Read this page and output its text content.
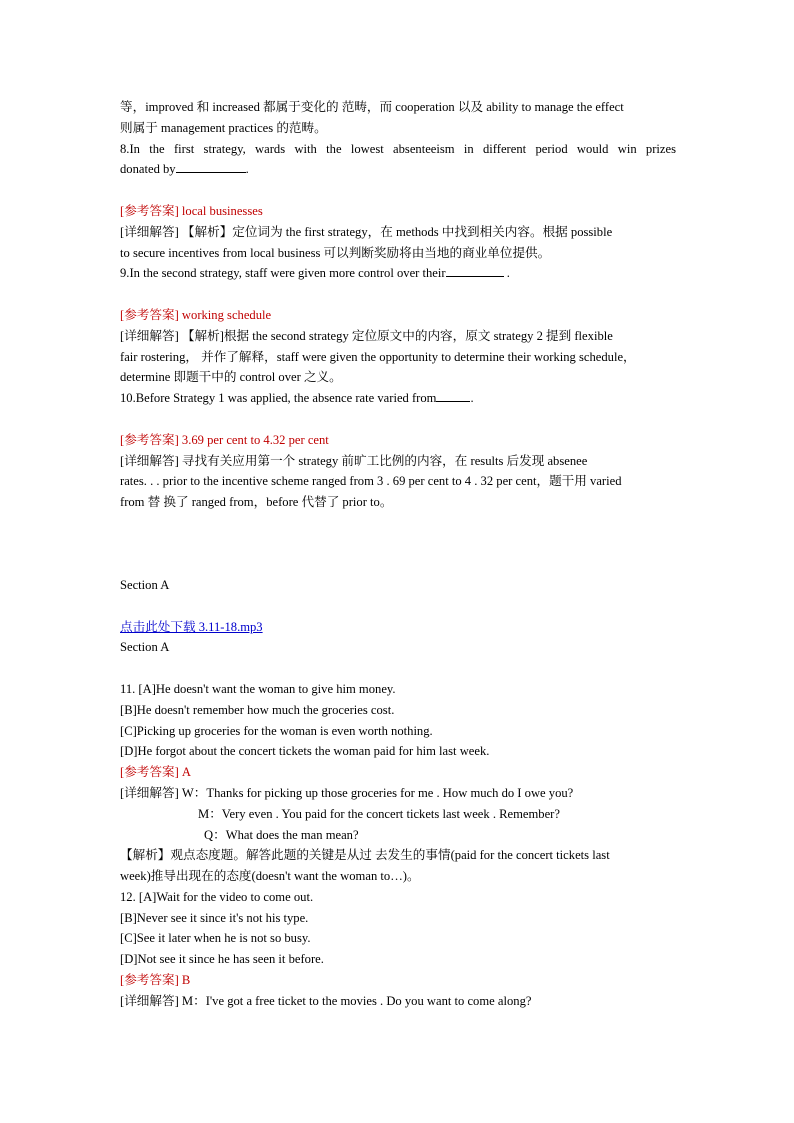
等，improved 和 increased 都属于变化的 范畴，而 cooperation 以及 ability to manage the effect
则属于 management practices 的范畴。
8.In the first strategy, wards with the lowest absenteeism in different period would win prizes
donated by	.
[参考答案] local businesses
[详细解答] 【解析】定位词为 the first strategy，在 methods 中找到相关内容。根据 possible
to secure incentives from local business 可以判断奖励将由当地的商业单位提供。
9.In the second strategy, staff were given more control over their	.
[参考答案] working schedule
[详细解答] 【解析]根据 the second strategy 定位原文中的内容，原文 strategy 2 提到 flexible
fair rostering， 并作了解释，staff were given the opportunity to determine their working schedule，
determine 即题干中的 control over 之义。
10.Before Strategy 1 was applied, the absence rate varied from	.
[参考答案] 3.69 per cent to 4.32 per cent
[详细解答] 寻找有关应用第一个 strategy 前旷工比例的内容，在 results 后发现 absenee
rates. . . prior to the incentive scheme ranged from 3 . 69 per cent to 4 . 32 per cent，题干用 varied
from 替 换了 ranged from，before 代替了 prior to。
Section A
点击此处下载 3.11-18.mp3
Section A
11. [A]He doesn't want the woman to give him money.
[B]He doesn't remember how much the groceries cost.
[C]Picking up groceries for the woman is even worth nothing.
[D]He forgot about the concert tickets the woman paid for him last week.
[参考答案] A
[详细解答] W：Thanks for picking up those groceries for me . How much do I owe you?
M：Very even . You paid for the concert tickets last week . Remember?
Q：What does the man mean?
【解析】观点态度题。解答此题的关键是从过 去发生的事情(paid for the concert tickets last
week)推导出现在的态度(doesn't want the woman to…)。
12. [A]Wait for the video to come out.
[B]Never see it since it's not his type.
[C]See it later when he is not so busy.
[D]Not see it since he has seen it before.
[参考答案] B
[详细解答] M：I've got a free ticket to the movies . Do you want to come along?
